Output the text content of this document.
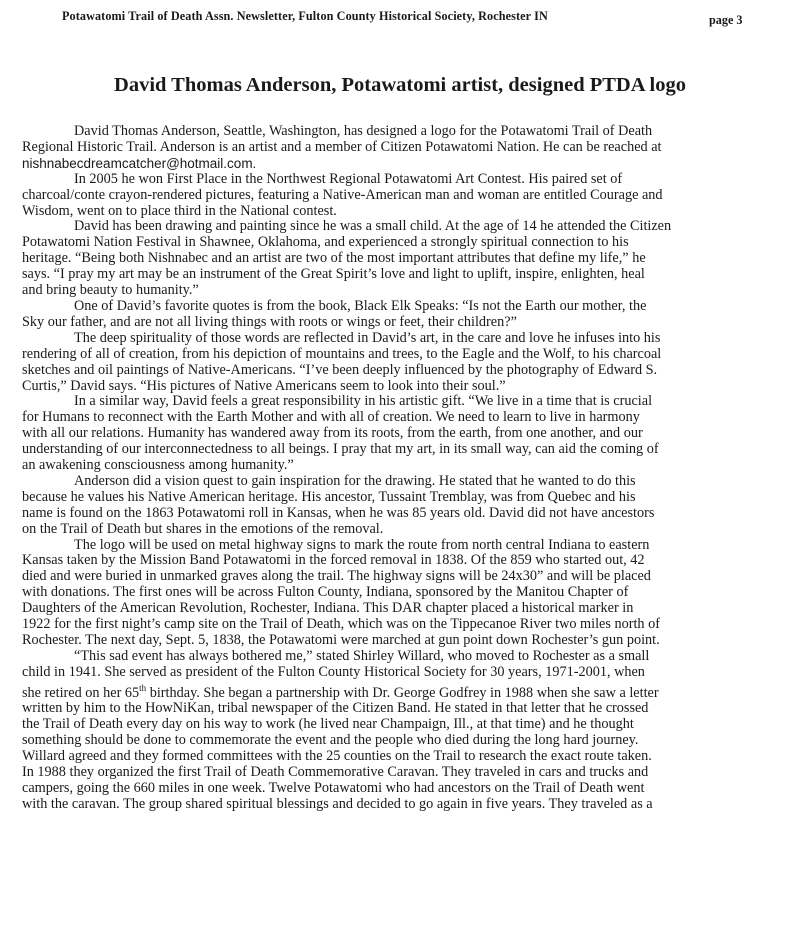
Potawatomi Trail of Death Assn. Newsletter, Fulton County Historical Society, Rochester IN	page 3
David Thomas Anderson, Potawatomi artist, designed PTDA logo

David Thomas Anderson, Seattle, Washington, has designed a logo for the Potawatomi Trail of Death
Regional Historic Trail. Anderson is an artist and a member of Citizen Potawatomi Nation. He can be reached at
nishnabecdreamcatcher@hotmail.com.

In 2005 he won First Place in the Northwest Regional Potawatomi Art Contest. His paired set of
charcoal/conte crayon-rendered pictures, featuring a Native-American man and woman are entitled Courage and
Wisdom, went on to place third in the National contest.

David has been drawing and painting since he was a small child. At the age of 14 he attended the Citizen
Potawatomi Nation Festival in Shawnee, Oklahoma, and experienced a strongly spiritual connection to his
heritage. “Being both Nishnabec and an artist are two of the most important attributes that define my life,” he
says. “I pray my art may be an instrument of the Great Spirit’s love and light to uplift, inspire, enlighten, heal
and bring beauty to humanity.”

One of David’s favorite quotes is from the book, Black Elk Speaks: “Is not the Earth our mother, the
Sky our father, and are not all living things with roots or wings or feet, their children?”

The deep spirituality of those words are reflected in David’s art, in the care and love he infuses into his
rendering of all of creation, from his depiction of mountains and trees, to the Eagle and the Wolf, to his charcoal
sketches and oil paintings of Native-Americans. “I’ve been deeply influenced by the photography of Edward S.
Curtis,” David says. “His pictures of Native Americans seem to look into their soul.”

In a similar way, David feels a great responsibility in his artistic gift. “We live in a time that is crucial
for Humans to reconnect with the Earth Mother and with all of creation. We need to learn to live in harmony
with all our relations. Humanity has wandered away from its roots, from the earth, from one another, and our
understanding of our interconnectedness to all beings. I pray that my art, in its small way, can aid the coming of
an awakening consciousness among humanity.”

Anderson did a vision quest to gain inspiration for the drawing. He stated that he wanted to do this
because he values his Native American heritage. His ancestor, Tussaint Tremblay, was from Quebec and his
name is found on the 1863 Potawatomi roll in Kansas, when he was 85 years old. David did not have ancestors
on the Trail of Death but shares in the emotions of the removal.

The logo will be used on metal highway signs to mark the route from north central Indiana to eastern
Kansas taken by the Mission Band Potawatomi in the forced removal in 1838. Of the 859 who started out, 42
died and were buried in unmarked graves along the trail. The highway signs will be 24x30” and will be placed
with donations. The first ones will be across Fulton County, Indiana, sponsored by the Manitou Chapter of
Daughters of the American Revolution, Rochester, Indiana. This DAR chapter placed a historical marker in
1922 for the first night’s camp site on the Trail of Death, which was on the Tippecanoe River two miles north of
Rochester. The next day, Sept. 5, 1838, the Potawatomi were marched at gun point down Rochester’s gun point.

“This sad event has always bothered me,” stated Shirley Willard, who moved to Rochester as a small
child in 1941. She served as president of the Fulton County Historical Society for 30 years, 1971-2001, when
she retired on her 65th birthday. She began a partnership with Dr. George Godfrey in 1988 when she saw a letter
written by him to the HowNiKan, tribal newspaper of the Citizen Band. He stated in that letter that he crossed
the Trail of Death every day on his way to work (he lived near Champaign, Ill., at that time) and he thought
something should be done to commemorate the event and the people who died during the long hard journey.
Willard agreed and they formed committees with the 25 counties on the Trail to research the exact route taken.
In 1988 they organized the first Trail of Death Commemorative Caravan. They traveled in cars and trucks and
campers, going the 660 miles in one week. Twelve Potawatomi who had ancestors on the Trail of Death went
with the caravan. The group shared spiritual blessings and decided to go again in five years. They traveled as a
